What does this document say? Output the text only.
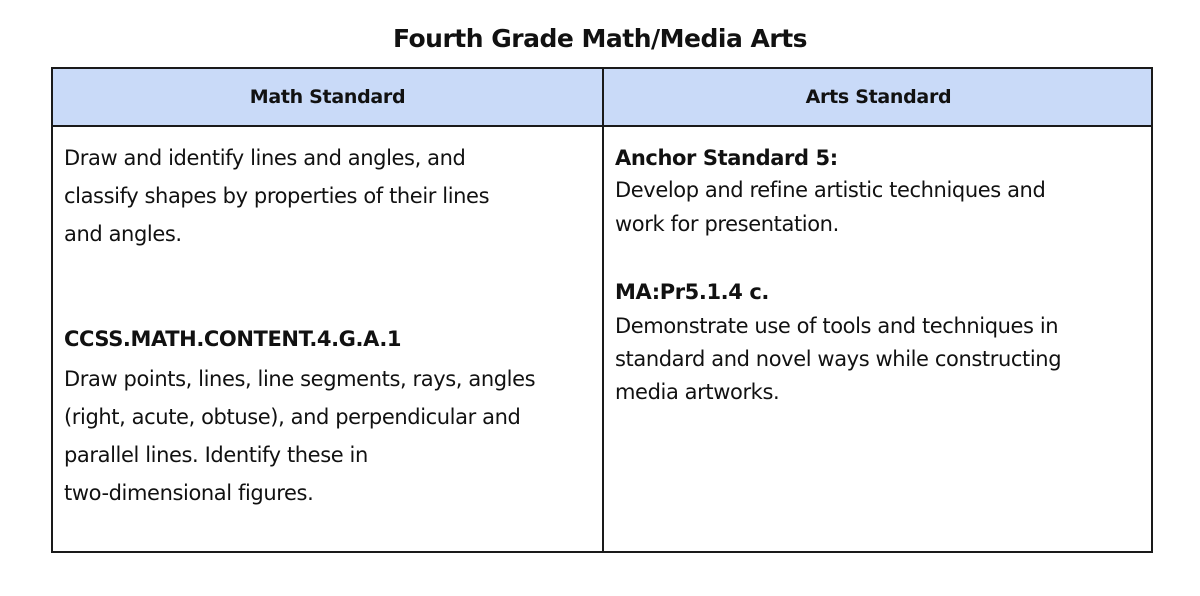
Fourth Grade Math/Media Arts
Math Standard	Arts Standard
Draw and identify lines and angles, and
classify shapes by properties of their lines
and angles.
CCSS.MATH.CONTENT.4.G.A.1
Draw points, lines, line segments, rays, angles
(right, acute, obtuse), and perpendicular and
parallel lines. Identify these in
two-dimensional figures.
Anchor Standard 5:
Develop and refine artistic techniques and
work for presentation.
MA:Pr5.1.4 c.
Demonstrate use of tools and techniques in
standard and novel ways while constructing
media artworks.
